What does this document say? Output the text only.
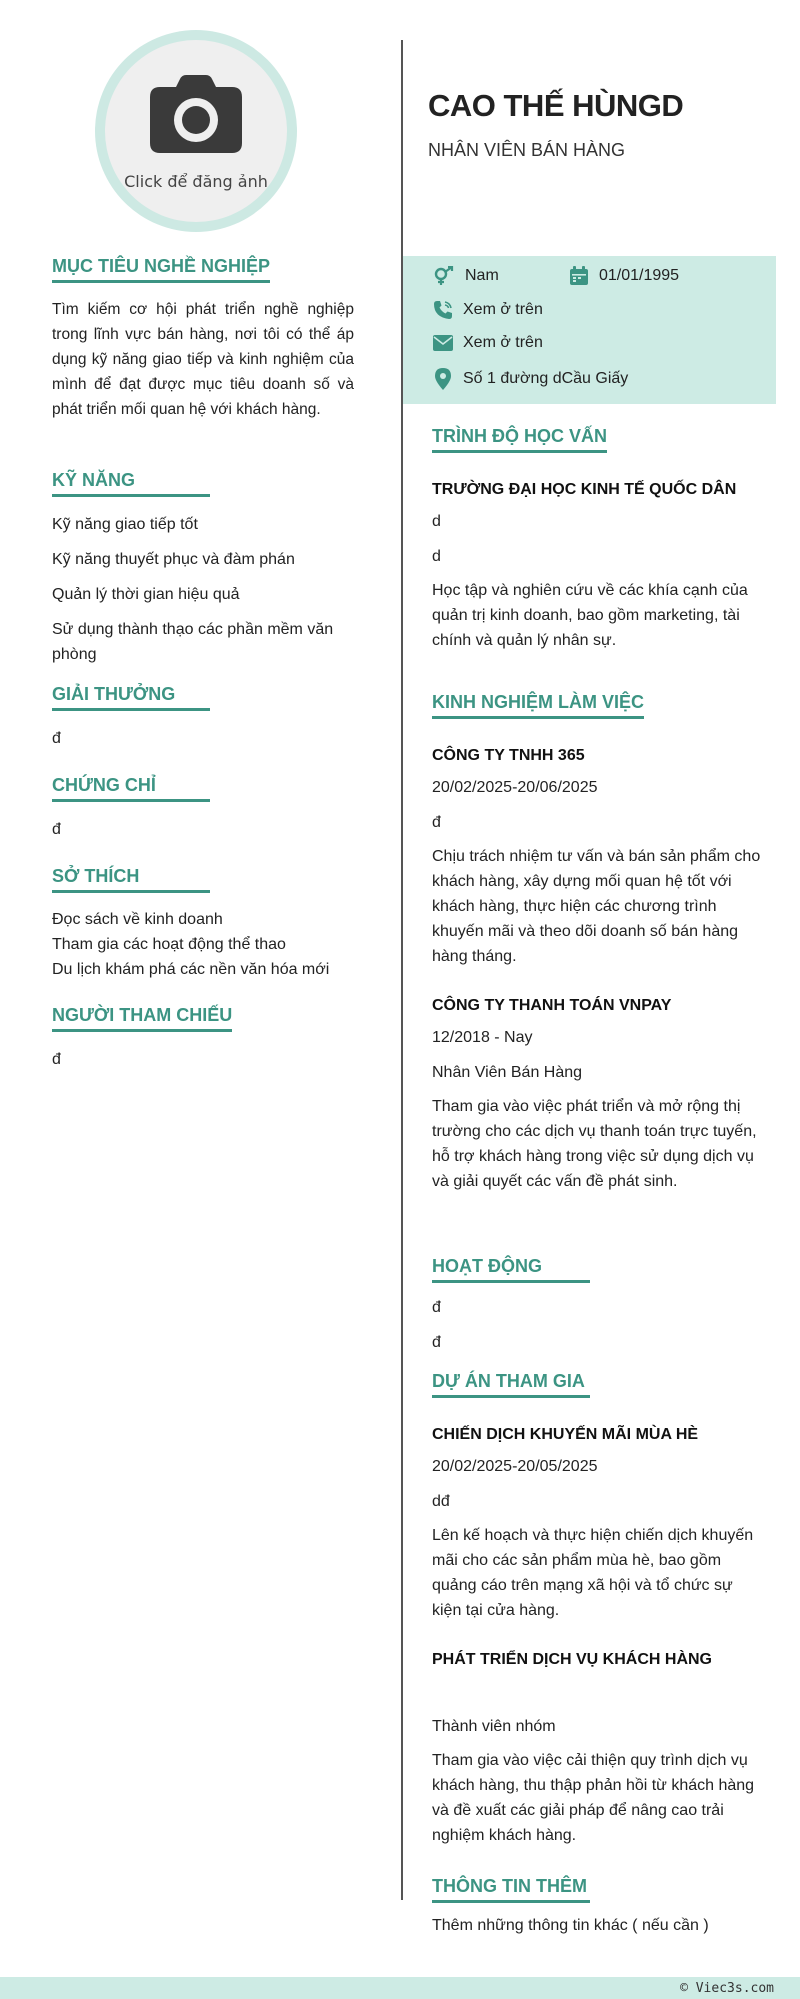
Click để đăng ảnh
MỤC TIÊU NGHỀ NGHIỆP

Tìm kiếm cơ hội phát triển nghề nghiệp trong lĩnh vực bán hàng, nơi tôi có thể áp dụng kỹ năng giao tiếp và kinh nghiệm của mình để đạt được mục tiêu doanh số và phát triển mối quan hệ với khách hàng.

KỸ NĂNG

Kỹ năng giao tiếp tốt

Kỹ năng thuyết phục và đàm phán

Quản lý thời gian hiệu quả

Sử dụng thành thạo các phần mềm văn phòng

GIẢI THƯỞNG

đ

CHỨNG CHỈ

đ

SỞ THÍCH

Đọc sách về kinh doanh

Tham gia các hoạt động thể thao

Du lịch khám phá các nền văn hóa mới

NGƯỜI THAM CHIẾU

đ

CAO THẾ HÙNGD
NHÂN VIÊN BÁN HÀNG
Nam	01/01/1995
Xem ở trên
Xem ở trên
Số 1 đường dCầu Giấy
TRÌNH ĐỘ HỌC VẤN
TRƯỜNG ĐẠI HỌC KINH TẾ QUỐC DÂN

d

d

Học tập và nghiên cứu về các khía cạnh của quản trị kinh doanh, bao gồm marketing, tài chính và quản lý nhân sự.

KINH NGHIỆM LÀM VIỆC
CÔNG TY TNHH 365

20/02/2025-20/06/2025

đ

Chịu trách nhiệm tư vấn và bán sản phẩm cho khách hàng, xây dựng mối quan hệ tốt với khách hàng, thực hiện các chương trình khuyến mãi và theo dõi doanh số bán hàng hàng tháng.

CÔNG TY THANH TOÁN VNPAY

12/2018 - Nay

Nhân Viên Bán Hàng

Tham gia vào việc phát triển và mở rộng thị trường cho các dịch vụ thanh toán trực tuyến, hỗ trợ khách hàng trong việc sử dụng dịch vụ và giải quyết các vấn đề phát sinh.

HOẠT ĐỘNG

đ

đ

DỰ ÁN THAM GIA
CHIẾN DỊCH KHUYẾN MÃI MÙA HÈ

20/02/2025-20/05/2025

dđ

Lên kế hoạch và thực hiện chiến dịch khuyến mãi cho các sản phẩm mùa hè, bao gồm quảng cáo trên mạng xã hội và tổ chức sự kiện tại cửa hàng.

PHÁT TRIỂN DỊCH VỤ KHÁCH HÀNG

Thành viên nhóm

Tham gia vào việc cải thiện quy trình dịch vụ khách hàng, thu thập phản hồi từ khách hàng và đề xuất các giải pháp để nâng cao trải nghiệm khách hàng.

THÔNG TIN THÊM

Thêm những thông tin khác ( nếu cần )

© Viec3s.com
